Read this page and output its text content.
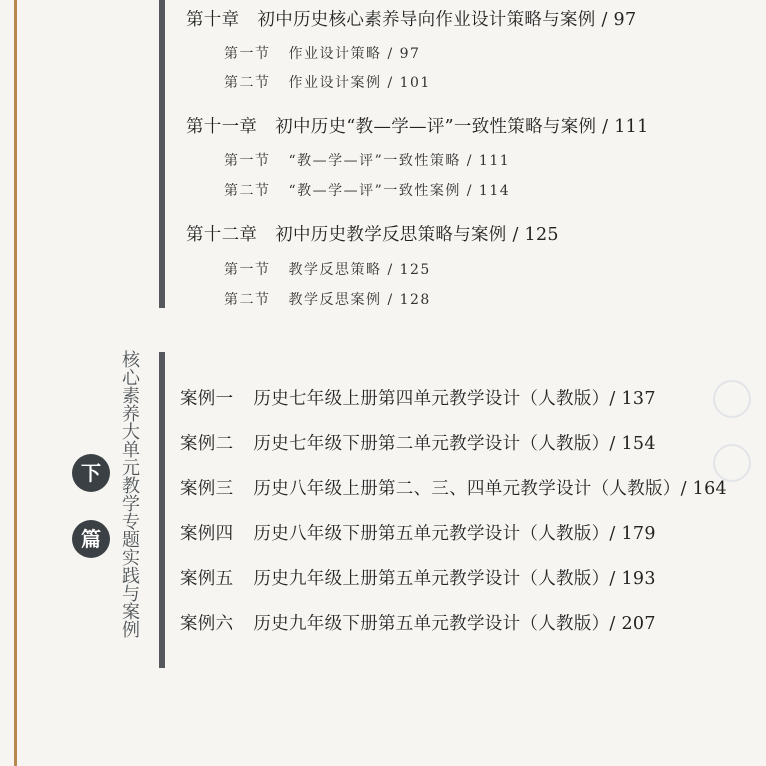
第十章 初中历史核心素养导向作业设计策略与案例 / 97
第一节 作业设计策略 / 97
第二节 作业设计案例 / 101
第十一章 初中历史“教—学—评”一致性策略与案例 / 111
第一节 “教—学—评”一致性策略 / 111
第二节 “教—学—评”一致性案例 / 114
第十二章 初中历史教学反思策略与案例 / 125
第一节 教学反思策略 / 125
第二节 教学反思案例 / 128
核心素养大单元教学专题实践与案例
下
篇
案例一 历史七年级上册第四单元教学设计（人教版）/ 137
案例二 历史七年级下册第二单元教学设计（人教版）/ 154
案例三 历史八年级上册第二、三、四单元教学设计（人教版）/ 164
案例四 历史八年级下册第五单元教学设计（人教版）/ 179
案例五 历史九年级上册第五单元教学设计（人教版）/ 193
案例六 历史九年级下册第五单元教学设计（人教版）/ 207
